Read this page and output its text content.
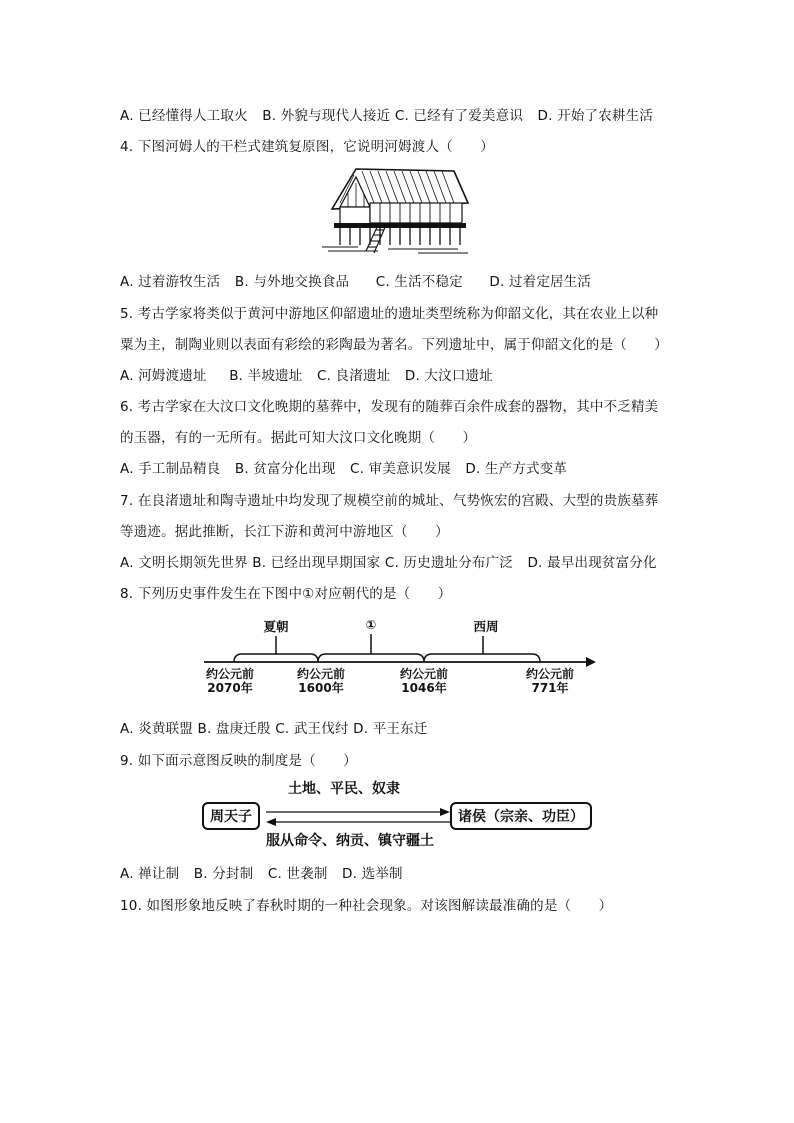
A. 已经懂得人工取火 B. 外貌与现代人接近 C. 已经有了爱美意识 D. 开始了农耕生活
4. 下图河姆人的干栏式建筑复原图，它说明河姆渡人（　　）
A. 过着游牧生活 B. 与外地交换食品 C. 生活不稳定 D. 过着定居生活
5. 考古学家将类似于黄河中游地区仰韶遗址的遗址类型统称为仰韶文化，其在农业上以种
粟为主，制陶业则以表面有彩绘的彩陶最为著名。下列遗址中，属于仰韶文化的是（　　）
A. 河姆渡遗址 B. 半坡遗址 C. 良渚遗址 D. 大汶口遗址
6. 考古学家在大汶口文化晚期的墓葬中，发现有的随葬百余件成套的器物，其中不乏精美
的玉器，有的一无所有。据此可知大汶口文化晚期（　　）
A. 手工制品精良 B. 贫富分化出现 C. 审美意识发展 D. 生产方式变革
7. 在良渚遗址和陶寺遗址中均发现了规模空前的城址、气势恢宏的宫殿、大型的贵族墓葬
等遗迹。据此推断，长江下游和黄河中游地区（　　）
A. 文明长期领先世界 B. 已经出现早期国家 C. 历史遗址分布广泛 D. 最早出现贫富分化
8. 下列历史事件发生在下图中①对应朝代的是（　　）
夏朝	①	西周
约公元前
2070年
约公元前
1600年
约公元前
1046年
约公元前
771年
A. 炎黄联盟 B. 盘庚迁殷 C. 武王伐纣 D. 平王东迁
9. 如下面示意图反映的制度是（　　）
土地、平民、奴隶
周天子	诸侯（宗亲、功臣）
服从命令、纳贡、镇守疆土
A. 禅让制 B. 分封制 C. 世袭制 D. 选举制
10. 如图形象地反映了春秋时期的一种社会现象。对该图解读最准确的是（　　）
